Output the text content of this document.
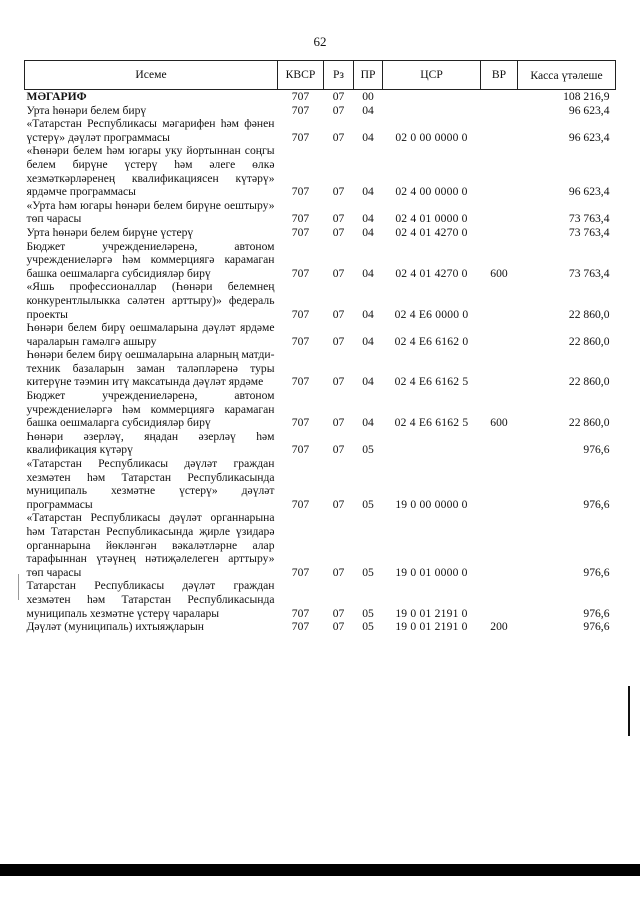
62
Исеме	КВСР	Рз	ПР	ЦСР	ВР	Касса үтәлеше
МӘГАРИФ	707	07	00			108 216,9
Урта һөнәри белем бирү	707	07	04			96 623,4
«Татарстан Республикасы мәгарифен һәм фәнен үстерү» дәүләт программасы	707	07	04	02 0 00 0000 0		96 623,4
«Һөнәри белем һәм югары уку йортыннан соңгы белем бирүне үстерү һәм әлеге өлкә хезмәткәрләренең квалификациясен күтәрү» ярдәмче программасы	707	07	04	02 4 00 0000 0		96 623,4
«Урта һәм югары һөнәри белем бирүне оештыру» төп чарасы	707	07	04	02 4 01 0000 0		73 763,4
Урта һөнәри белем бирүне үстерү	707	07	04	02 4 01 4270 0		73 763,4
Бюджет учреждениеләренә, автоном учреждениеләргә һәм коммерциягә карамаган башка оешмаларга субсидияләр бирү	707	07	04	02 4 01 4270 0	600	73 763,4
«Яшь профессионаллар (Һөнәри белемнең конкурентлылыкка сәләтен арттыру)» федераль проекты	707	07	04	02 4 E6 0000 0		22 860,0
Һөнәри белем бирү оешмаларына дәүләт ярдәме чараларын гамәлгә ашыру	707	07	04	02 4 E6 6162 0		22 860,0
Һөнәри белем бирү оешмаларына аларның матди-техник базаларын заман таләпләренә туры китерүне тәэмин итү максатында дәүләт ярдәме	707	07	04	02 4 E6 6162 5		22 860,0
Бюджет учреждениеләренә, автоном учреждениеләргә һәм коммерциягә карамаган башка оешмаларга субсидияләр бирү	707	07	04	02 4 E6 6162 5	600	22 860,0
Һөнәри әзерләү, яңадан әзерләү һәм квалификация күтәрү	707	07	05			976,6
«Татарстан Республикасы дәүләт граждан хезмәтен һәм Татарстан Республикасында муниципаль хезмәтне үстерү» дәүләт программасы	707	07	05	19 0 00 0000 0		976,6
«Татарстан Республикасы дәүләт органнарына һәм Татарстан Республикасында җирле үзидарә органнарына йөкләнгән вәкаләтләрне алар тарафыннан үтәүнең нәтиҗәлелеген арттыру» төп чарасы	707	07	05	19 0 01 0000 0		976,6
Татарстан Республикасы дәүләт граждан хезмәтен һәм Татарстан Республикасында муниципаль хезмәтне үстерү чаралары	707	07	05	19 0 01 2191 0		976,6
Дәүләт (муниципаль) ихтыяҗларын	707	07	05	19 0 01 2191 0	200	976,6
